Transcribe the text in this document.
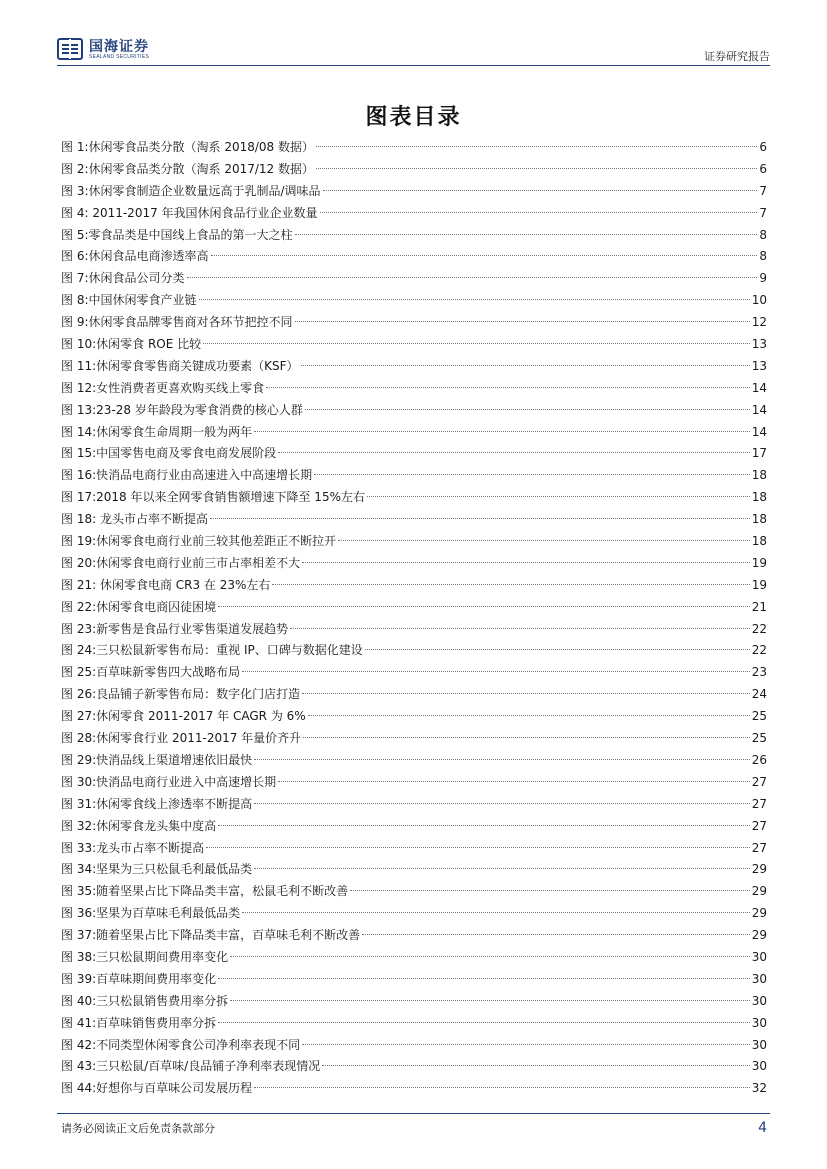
国海证券
SEALAND SECURITIES	证券研究报告
图表目录
图 1: 休闲零食品类分散（淘系 2018/08 数据）	6
图 2: 休闲零食品类分散（淘系 2017/12 数据）	6
图 3: 休闲零食制造企业数量远高于乳制品/调味品	7
图 4: 2011-2017 年我国休闲食品行业企业数量	7
图 5: 零食品类是中国线上食品的第一大之柱	8
图 6: 休闲食品电商渗透率高	8
图 7: 休闲食品公司分类	9
图 8: 中国休闲零食产业链	10
图 9: 休闲零食品牌零售商对各环节把控不同	12
图 10: 休闲零食 ROE 比较	13
图 11: 休闲零食零售商关键成功要素（KSF）	13
图 12: 女性消费者更喜欢购买线上零食	14
图 13: 23-28 岁年龄段为零食消费的核心人群	14
图 14: 休闲零食生命周期一般为两年	14
图 15: 中国零售电商及零食电商发展阶段	17
图 16: 快消品电商行业由高速进入中高速增长期	18
图 17: 2018 年以来全网零食销售额增速下降至 15%左右	18
图 18: 龙头市占率不断提高	18
图 19: 休闲零食电商行业前三较其他差距正不断拉开	18
图 20: 休闲零食电商行业前三市占率相差不大	19
图 21: 休闲零食电商 CR3 在 23%左右	19
图 22: 休闲零食电商囚徒困境	21
图 23: 新零售是食品行业零售渠道发展趋势	22
图 24: 三只松鼠新零售布局：重视 IP、口碑与数据化建设	22
图 25: 百草味新零售四大战略布局	23
图 26: 良品铺子新零售布局：数字化门店打造	24
图 27: 休闲零食 2011-2017 年 CAGR 为 6%	25
图 28: 休闲零食行业 2011-2017 年量价齐升	25
图 29: 快消品线上渠道增速依旧最快	26
图 30: 快消品电商行业进入中高速增长期	27
图 31: 休闲零食线上渗透率不断提高	27
图 32: 休闲零食龙头集中度高	27
图 33: 龙头市占率不断提高	27
图 34: 坚果为三只松鼠毛利最低品类	29
图 35: 随着坚果占比下降品类丰富，松鼠毛利不断改善	29
图 36: 坚果为百草味毛利最低品类	29
图 37: 随着坚果占比下降品类丰富，百草味毛利不断改善	29
图 38: 三只松鼠期间费用率变化	30
图 39: 百草味期间费用率变化	30
图 40: 三只松鼠销售费用率分拆	30
图 41: 百草味销售费用率分拆	30
图 42: 不同类型休闲零食公司净利率表现不同	30
图 43: 三只松鼠/百草味/良品铺子净利率表现情况	30
图 44: 好想你与百草味公司发展历程	32
请务必阅读正文后免责条款部分	4
